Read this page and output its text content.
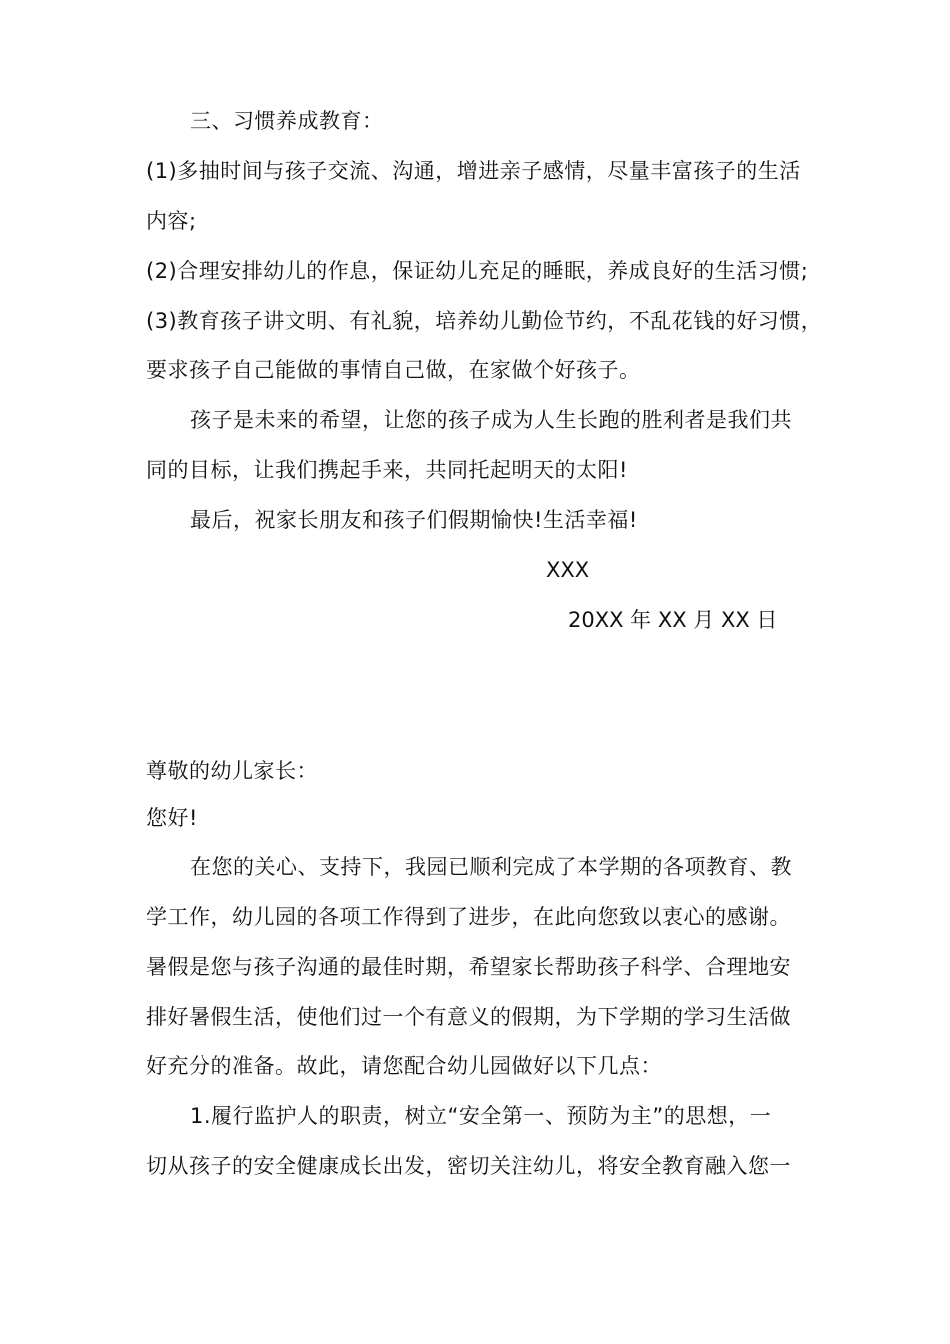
三、习惯养成教育：
(1)多抽时间与孩子交流、沟通，增进亲子感情，尽量丰富孩子的生活
内容;
(2)合理安排幼儿的作息，保证幼儿充足的睡眠，养成良好的生活习惯;
(3)教育孩子讲文明、有礼貌，培养幼儿勤俭节约，不乱花钱的好习惯，
要求孩子自己能做的事情自己做，在家做个好孩子。
孩子是未来的希望，让您的孩子成为人生长跑的胜利者是我们共
同的目标，让我们携起手来，共同托起明天的太阳!
最后，祝家长朋友和孩子们假期愉快!生活幸福!
XXX
20XX 年 XX 月 XX 日
尊敬的幼儿家长：
您好!
在您的关心、支持下，我园已顺利完成了本学期的各项教育、教
学工作，幼儿园的各项工作得到了进步，在此向您致以衷心的感谢。
暑假是您与孩子沟通的最佳时期，希望家长帮助孩子科学、合理地安
排好暑假生活，使他们过一个有意义的假期，为下学期的学习生活做
好充分的准备。故此，请您配合幼儿园做好以下几点：
1.履行监护人的职责，树立“安全第一、预防为主”的思想，一
切从孩子的安全健康成长出发，密切关注幼儿，将安全教育融入您一
